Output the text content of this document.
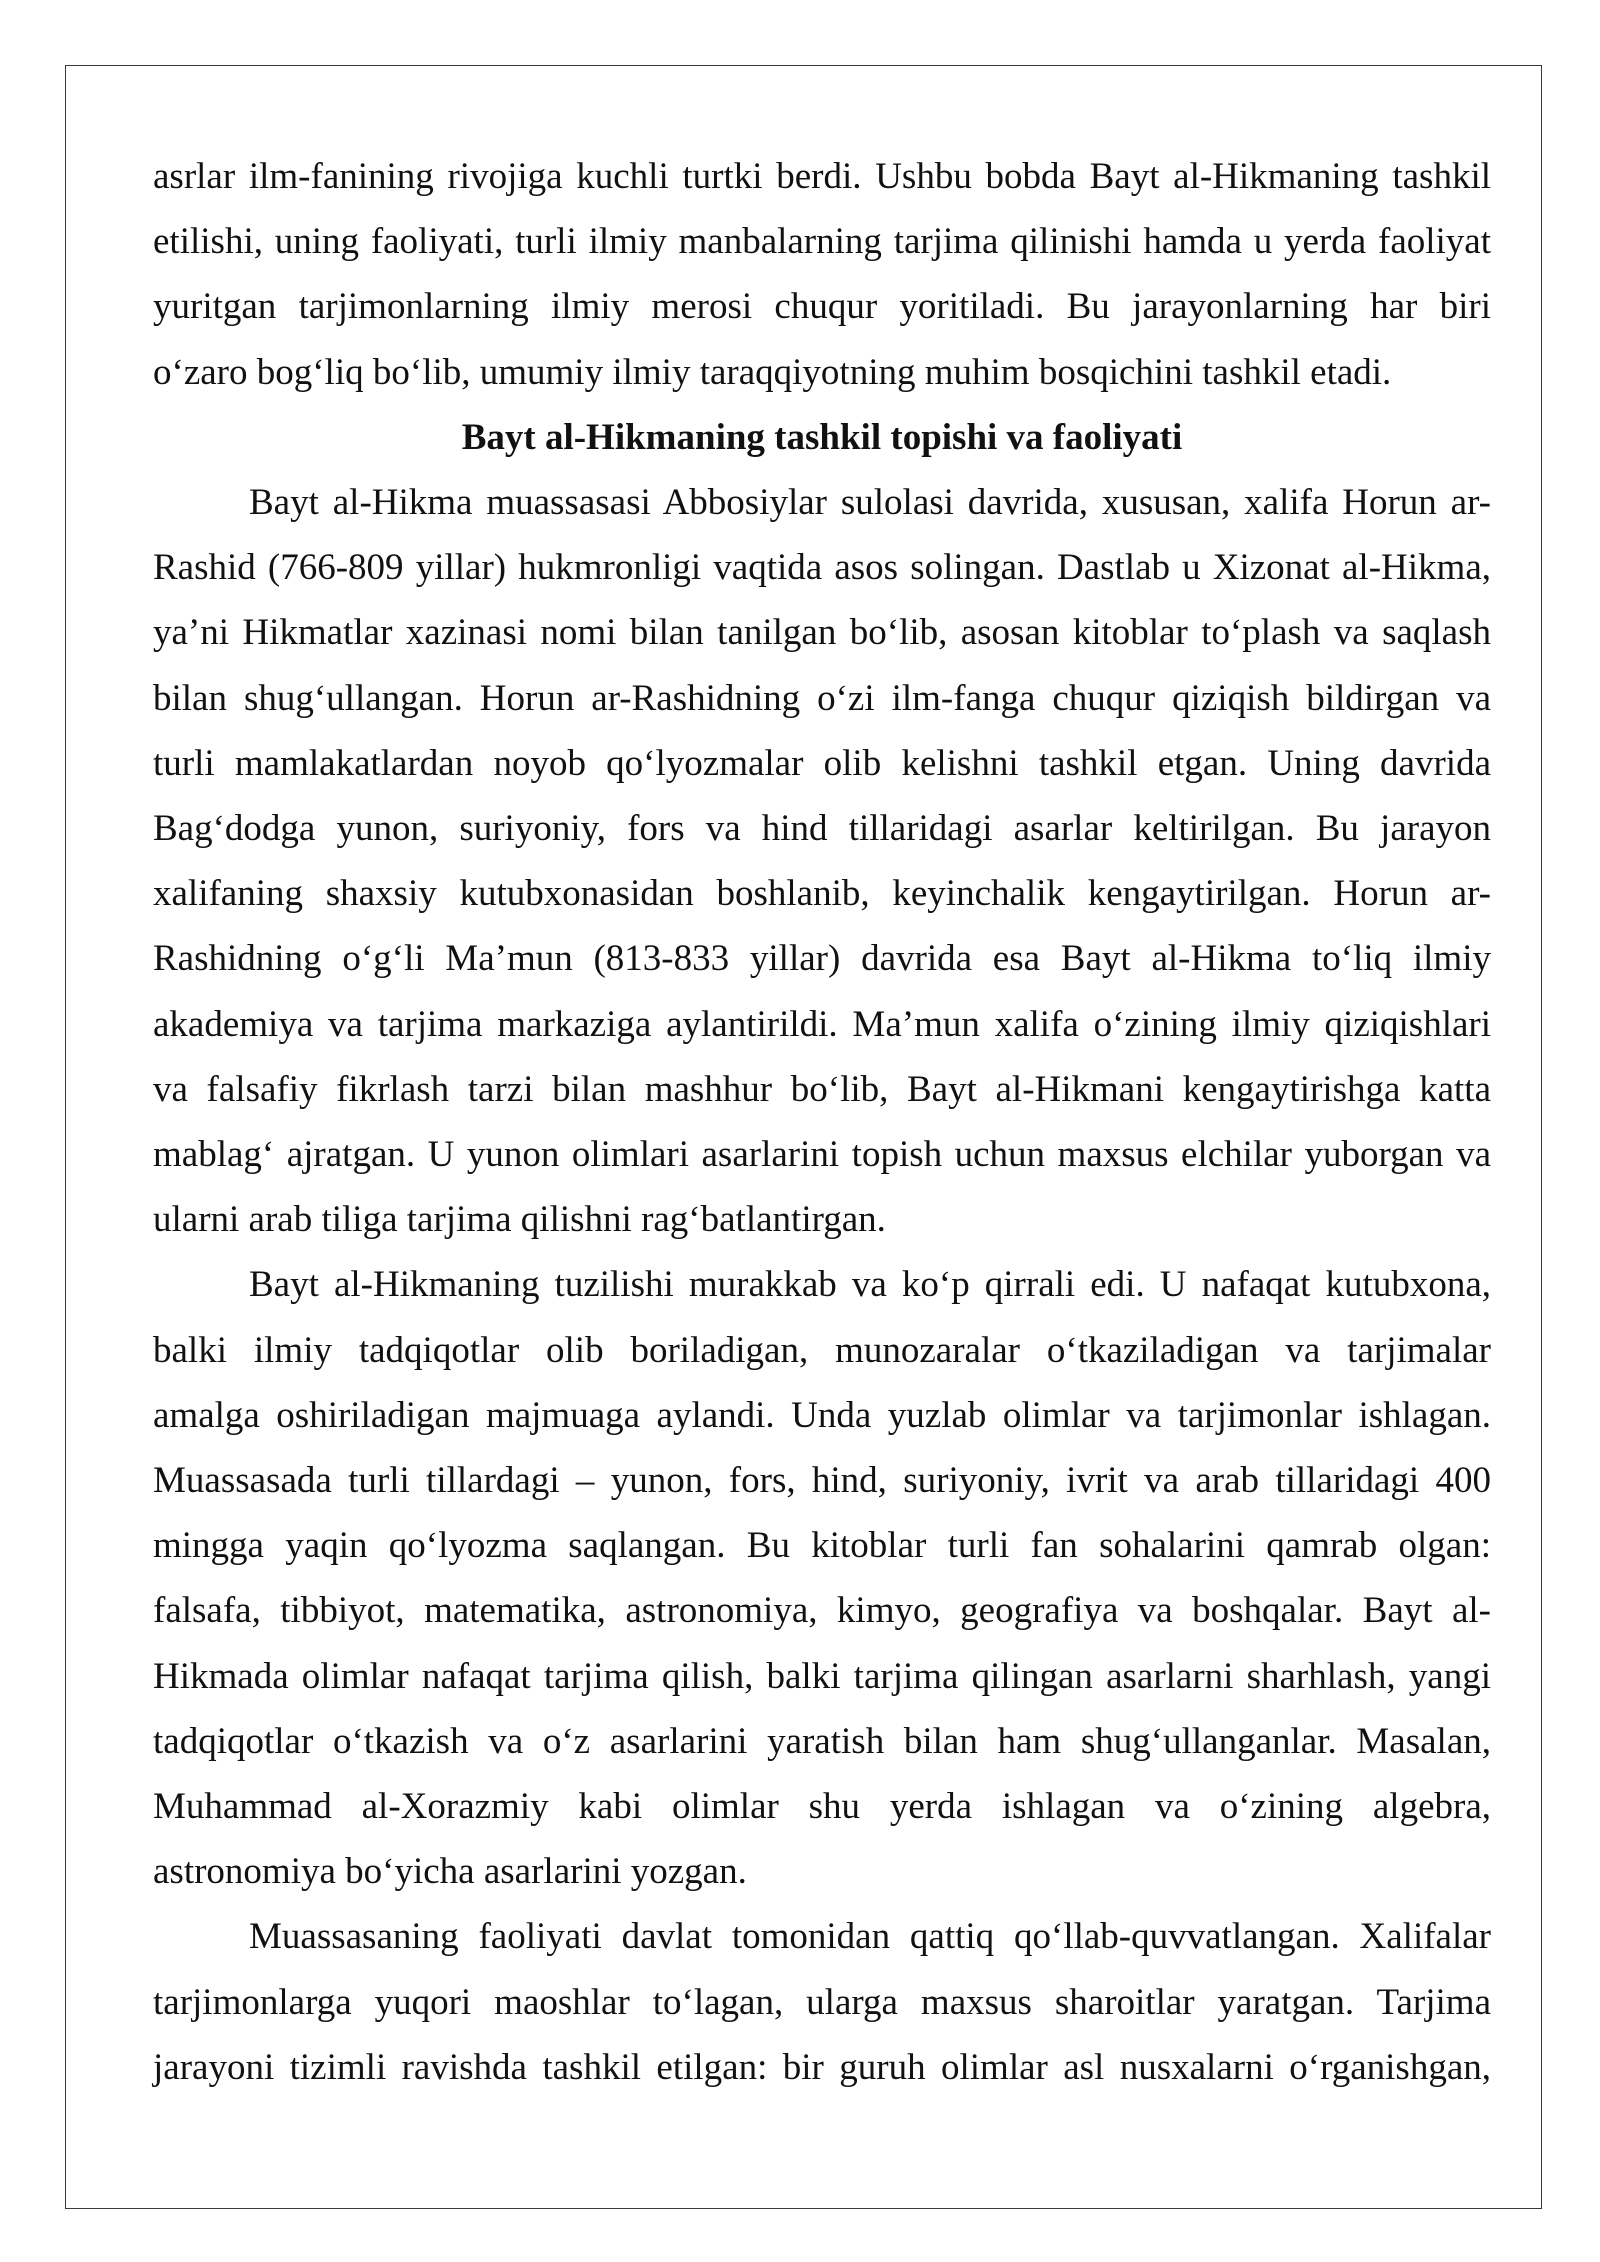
asrlar ilm-fanining rivojiga kuchli turtki berdi. Ushbu bobda Bayt al-Hikmaning tashkil
etilishi, uning faoliyati, turli ilmiy manbalarning tarjima qilinishi hamda u yerda faoliyat
yuritgan tarjimonlarning ilmiy merosi chuqur yoritiladi. Bu jarayonlarning har biri
o‘zaro bog‘liq bo‘lib, umumiy ilmiy taraqqiyotning muhim bosqichini tashkil etadi.
Bayt al-Hikmaning tashkil topishi va faoliyati
Bayt al-Hikma muassasasi Abbosiylar sulolasi davrida, xususan, xalifa Horun ar-
Rashid (766-809 yillar) hukmronligi vaqtida asos solingan. Dastlab u Xizonat al-Hikma,
ya’ni Hikmatlar xazinasi nomi bilan tanilgan bo‘lib, asosan kitoblar to‘plash va saqlash
bilan shug‘ullangan. Horun ar-Rashidning o‘zi ilm-fanga chuqur qiziqish bildirgan va
turli mamlakatlardan noyob qo‘lyozmalar olib kelishni tashkil etgan. Uning davrida
Bag‘dodga yunon, suriyoniy, fors va hind tillaridagi asarlar keltirilgan. Bu jarayon
xalifaning shaxsiy kutubxonasidan boshlanib, keyinchalik kengaytirilgan. Horun ar-
Rashidning o‘g‘li Ma’mun (813-833 yillar) davrida esa Bayt al-Hikma to‘liq ilmiy
akademiya va tarjima markaziga aylantirildi. Ma’mun xalifa o‘zining ilmiy qiziqishlari
va falsafiy fikrlash tarzi bilan mashhur bo‘lib, Bayt al-Hikmani kengaytirishga katta
mablag‘ ajratgan. U yunon olimlari asarlarini topish uchun maxsus elchilar yuborgan va
ularni arab tiliga tarjima qilishni rag‘batlantirgan.
Bayt al-Hikmaning tuzilishi murakkab va ko‘p qirrali edi. U nafaqat kutubxona,
balki ilmiy tadqiqotlar olib boriladigan, munozaralar o‘tkaziladigan va tarjimalar
amalga oshiriladigan majmuaga aylandi. Unda yuzlab olimlar va tarjimonlar ishlagan.
Muassasada turli tillardagi – yunon, fors, hind, suriyoniy, ivrit va arab tillaridagi 400
mingga yaqin qo‘lyozma saqlangan. Bu kitoblar turli fan sohalarini qamrab olgan:
falsafa, tibbiyot, matematika, astronomiya, kimyo, geografiya va boshqalar. Bayt al-
Hikmada olimlar nafaqat tarjima qilish, balki tarjima qilingan asarlarni sharhlash, yangi
tadqiqotlar o‘tkazish va o‘z asarlarini yaratish bilan ham shug‘ullanganlar. Masalan,
Muhammad al-Xorazmiy kabi olimlar shu yerda ishlagan va o‘zining algebra,
astronomiya bo‘yicha asarlarini yozgan.
Muassasaning faoliyati davlat tomonidan qattiq qo‘llab-quvvatlangan. Xalifalar
tarjimonlarga yuqori maoshlar to‘lagan, ularga maxsus sharoitlar yaratgan. Tarjima
jarayoni tizimli ravishda tashkil etilgan: bir guruh olimlar asl nusxalarni o‘rganishgan,
